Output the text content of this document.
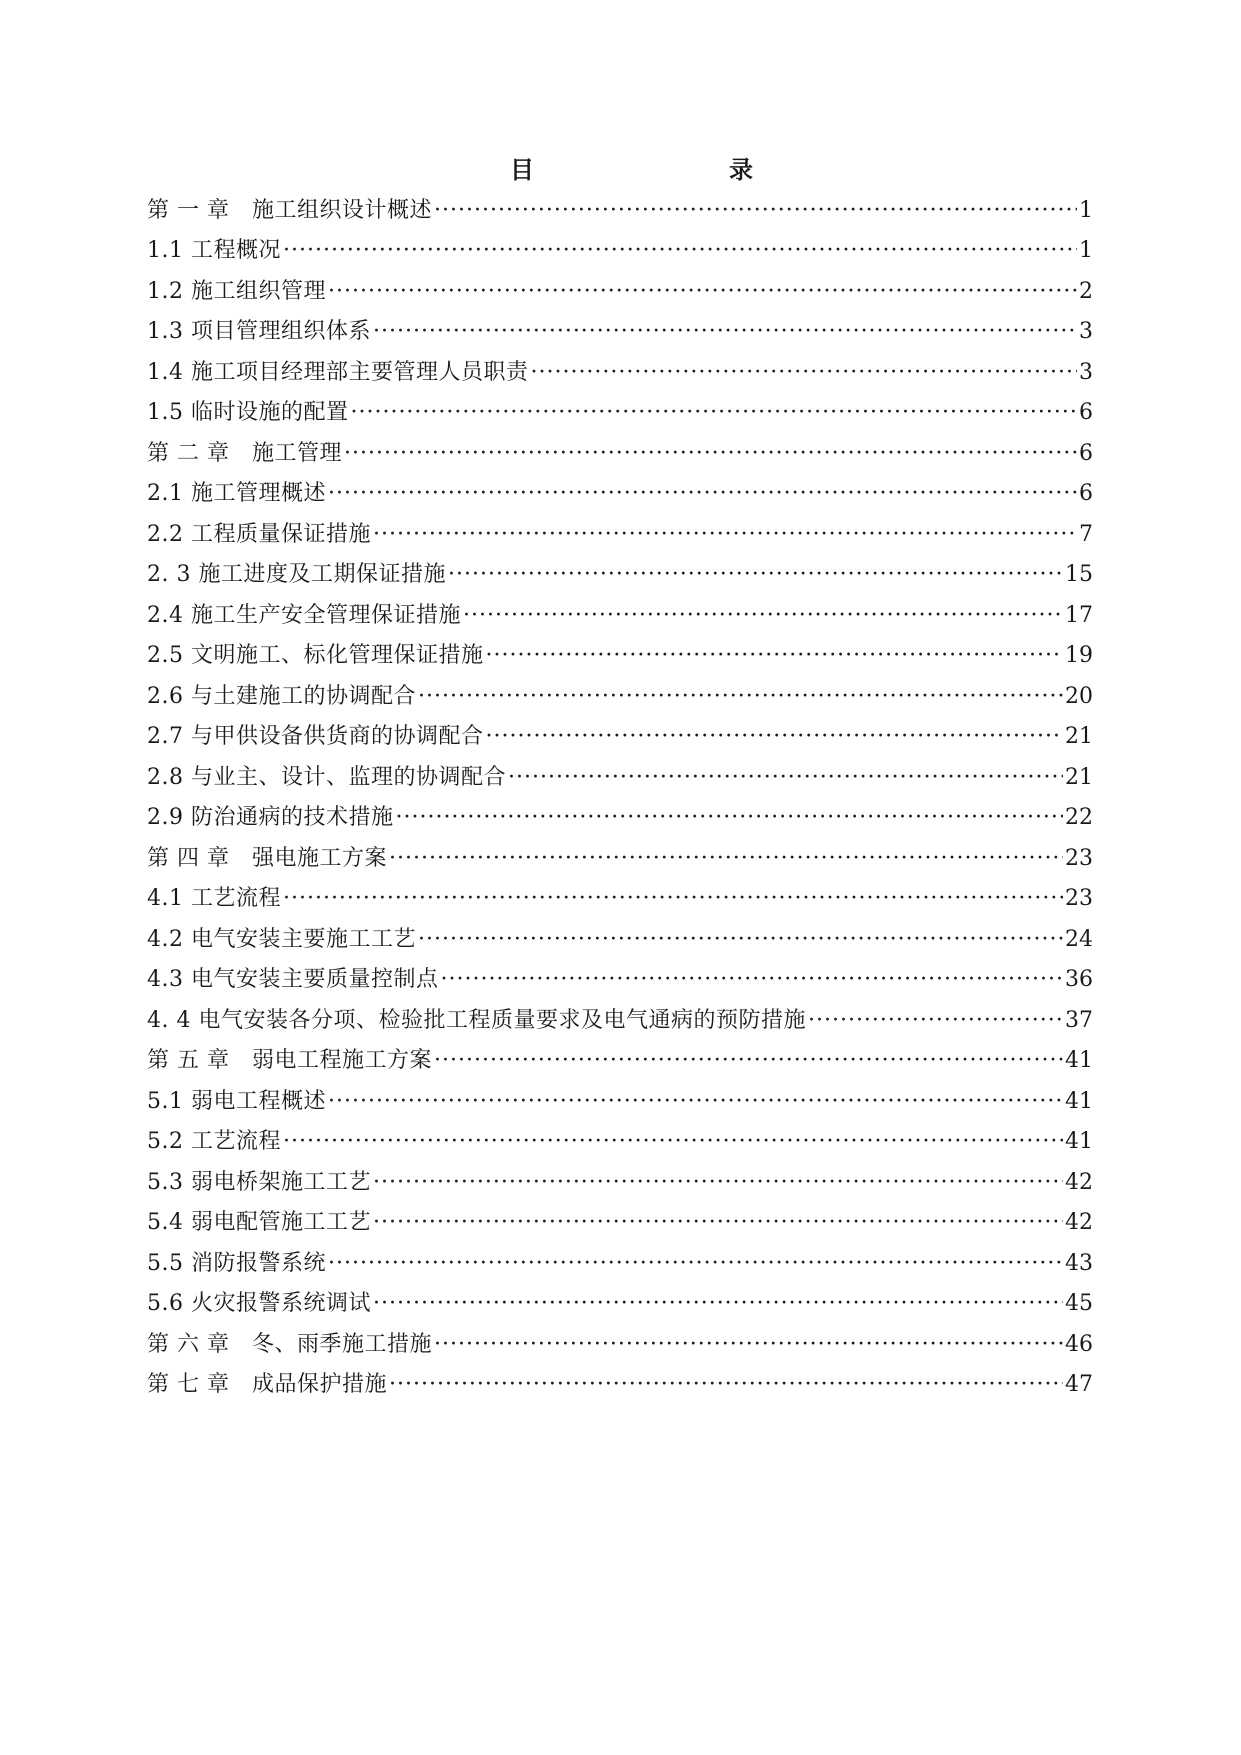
目	录
第 一 章　施工组织设计概述 ·····	1
1.1 工程概况 ·····	1
1.2 施工组织管理 ·····	2
1.3 项目管理组织体系 ·····	3
1.4 施工项目经理部主要管理人员职责 ·····	3
1.5 临时设施的配置 ·····	6
第 二 章　施工管理 ·····	6
2.1 施工管理概述 ·····	6
2.2 工程质量保证措施 ·····	7
2. 3 施工进度及工期保证措施 ·····	15
2.4 施工生产安全管理保证措施 ·····	17
2.5 文明施工、标化管理保证措施 ·····	19
2.6 与土建施工的协调配合 ·····	20
2.7 与甲供设备供货商的协调配合 ·····	21
2.8 与业主、设计、监理的协调配合 ·····	21
2.9 防治通病的技术措施 ·····	22
第 四 章　强电施工方案 ·····	23
4.1 工艺流程 ·····	23
4.2 电气安装主要施工工艺 ·····	24
4.3 电气安装主要质量控制点 ·····	36
4. 4 电气安装各分项、检验批工程质量要求及电气通病的预防措施 ·····	37
第 五 章　弱电工程施工方案 ·····	41
5.1 弱电工程概述 ·····	41
5.2 工艺流程 ·····	41
5.3 弱电桥架施工工艺 ·····	42
5.4 弱电配管施工工艺 ·····	42
5.5 消防报警系统 ·····	43
5.6 火灾报警系统调试 ·····	45
第 六 章　冬、雨季施工措施 ·····	46
第 七 章　成品保护措施 ·····	47
